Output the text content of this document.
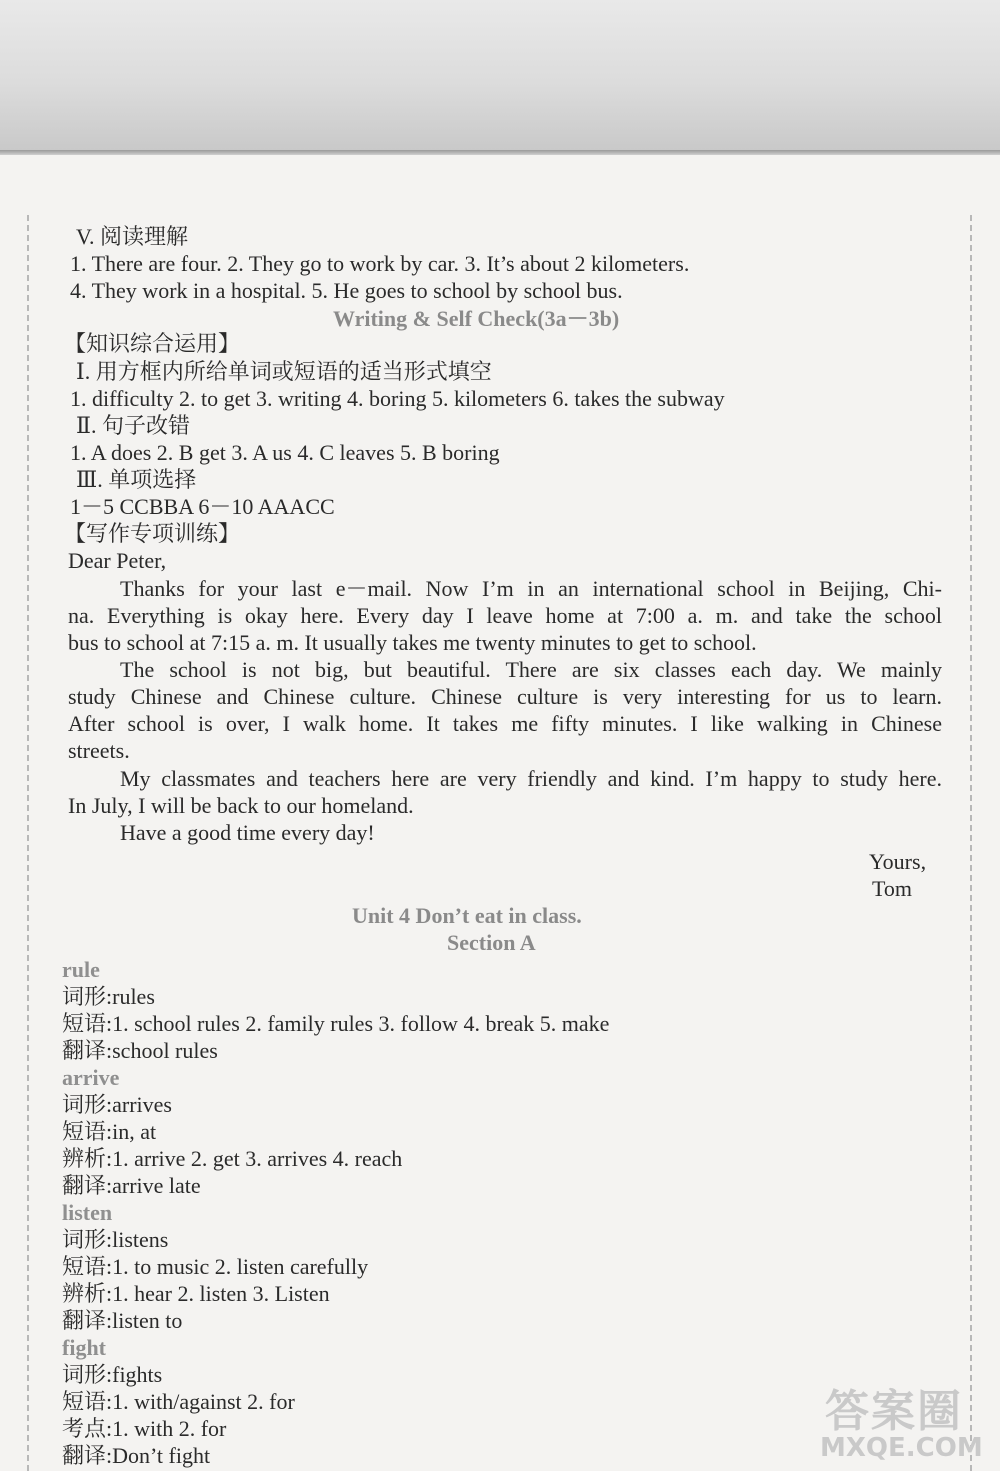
V. 阅读理解
1. There are four. 2. They go to work by car. 3. It’s about 2 kilometers.
4. They work in a hospital. 5. He goes to school by school bus.
Writing & Self Check(3a－3b)
【知识综合运用】
Ⅰ. 用方框内所给单词或短语的适当形式填空
1. difficulty 2. to get 3. writing 4. boring 5. kilometers 6. takes the subway
Ⅱ. 句子改错
1. A does 2. B get 3. A us 4. C leaves 5. B boring
Ⅲ. 单项选择
1－5 CCBBA 6－10 AAACC
【写作专项训练】
Dear Peter,
Thanks for your last e－mail. Now I’m in an international school in Beijing, Chi-
na. Everything is okay here. Every day I leave home at 7:00 a. m. and take the school
bus to school at 7:15 a. m. It usually takes me twenty minutes to get to school.
The school is not big, but beautiful. There are six classes each day. We mainly
study Chinese and Chinese culture. Chinese culture is very interesting for us to learn.
After school is over, I walk home. It takes me fifty minutes. I like walking in Chinese
streets.
My classmates and teachers here are very friendly and kind. I’m happy to study here.
In July, I will be back to our homeland.
Have a good time every day!
Yours,
Tom
Unit 4 Don’t eat in class.
Section A
rule
词形:rules
短语:1. school rules 2. family rules 3. follow 4. break 5. make
翻译:school rules
arrive
词形:arrives
短语:in, at
辨析:1. arrive 2. get 3. arrives 4. reach
翻译:arrive late
listen
词形:listens
短语:1. to music 2. listen carefully
辨析:1. hear 2. listen 3. Listen
翻译:listen to
fight
词形:fights
短语:1. with/against 2. for
考点:1. with 2. for
翻译:Don’t fight
答案圈
MXQE.COM
